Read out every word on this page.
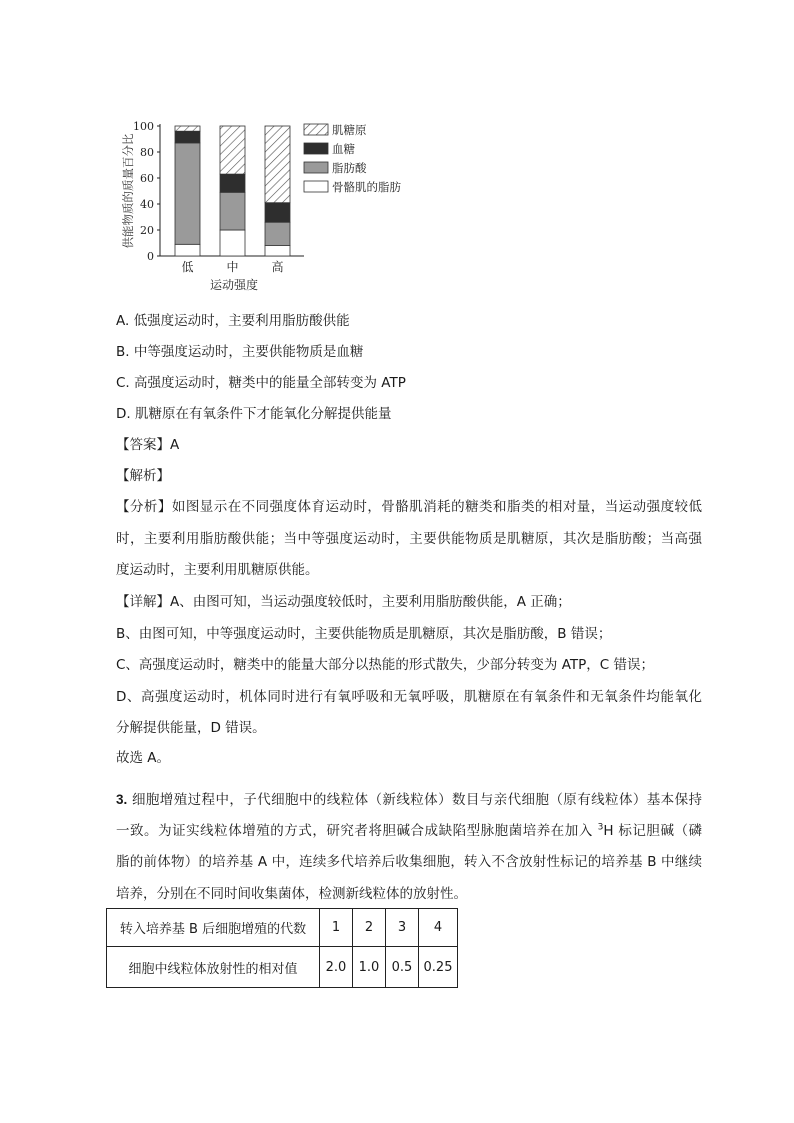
供能物质的质量百分比
0
20
40
60
80
100
低	中	高
运动强度
肌糖原
血糖
脂肪酸
骨骼肌的脂肪
A. 低强度运动时，主要利用脂肪酸供能
B. 中等强度运动时，主要供能物质是血糖
C. 高强度运动时，糖类中的能量全部转变为 ATP
D. 肌糖原在有氧条件下才能氧化分解提供能量
【答案】A
【解析】
【分析】如图显示在不同强度体育运动时，骨骼肌消耗的糖类和脂类的相对量，当运动强度较低
时，主要利用脂肪酸供能；当中等强度运动时，主要供能物质是肌糖原，其次是脂肪酸；当高强
度运动时，主要利用肌糖原供能。
【详解】A、由图可知，当运动强度较低时，主要利用脂肪酸供能，A 正确；
B、由图可知，中等强度运动时，主要供能物质是肌糖原，其次是脂肪酸，B 错误；
C、高强度运动时，糖类中的能量大部分以热能的形式散失，少部分转变为 ATP，C 错误；
D、高强度运动时，机体同时进行有氧呼吸和无氧呼吸，肌糖原在有氧条件和无氧条件均能氧化
分解提供能量，D 错误。
故选 A。
3. 细胞增殖过程中，子代细胞中的线粒体（新线粒体）数目与亲代细胞（原有线粒体）基本保持
一致。为证实线粒体增殖的方式，研究者将胆碱合成缺陷型脉胞菌培养在加入 $^3$H 标记胆碱（磷
脂的前体物）的培养基 A 中，连续多代培养后收集细胞，转入不含放射性标记的培养基 B 中继续
培养，分别在不同时间收集菌体，检测新线粒体的放射性。
转入培养基 B 后细胞增殖的代数	1	2	3	4
细胞中线粒体放射性的相对值	2.0	1.0	0.5	0.25
